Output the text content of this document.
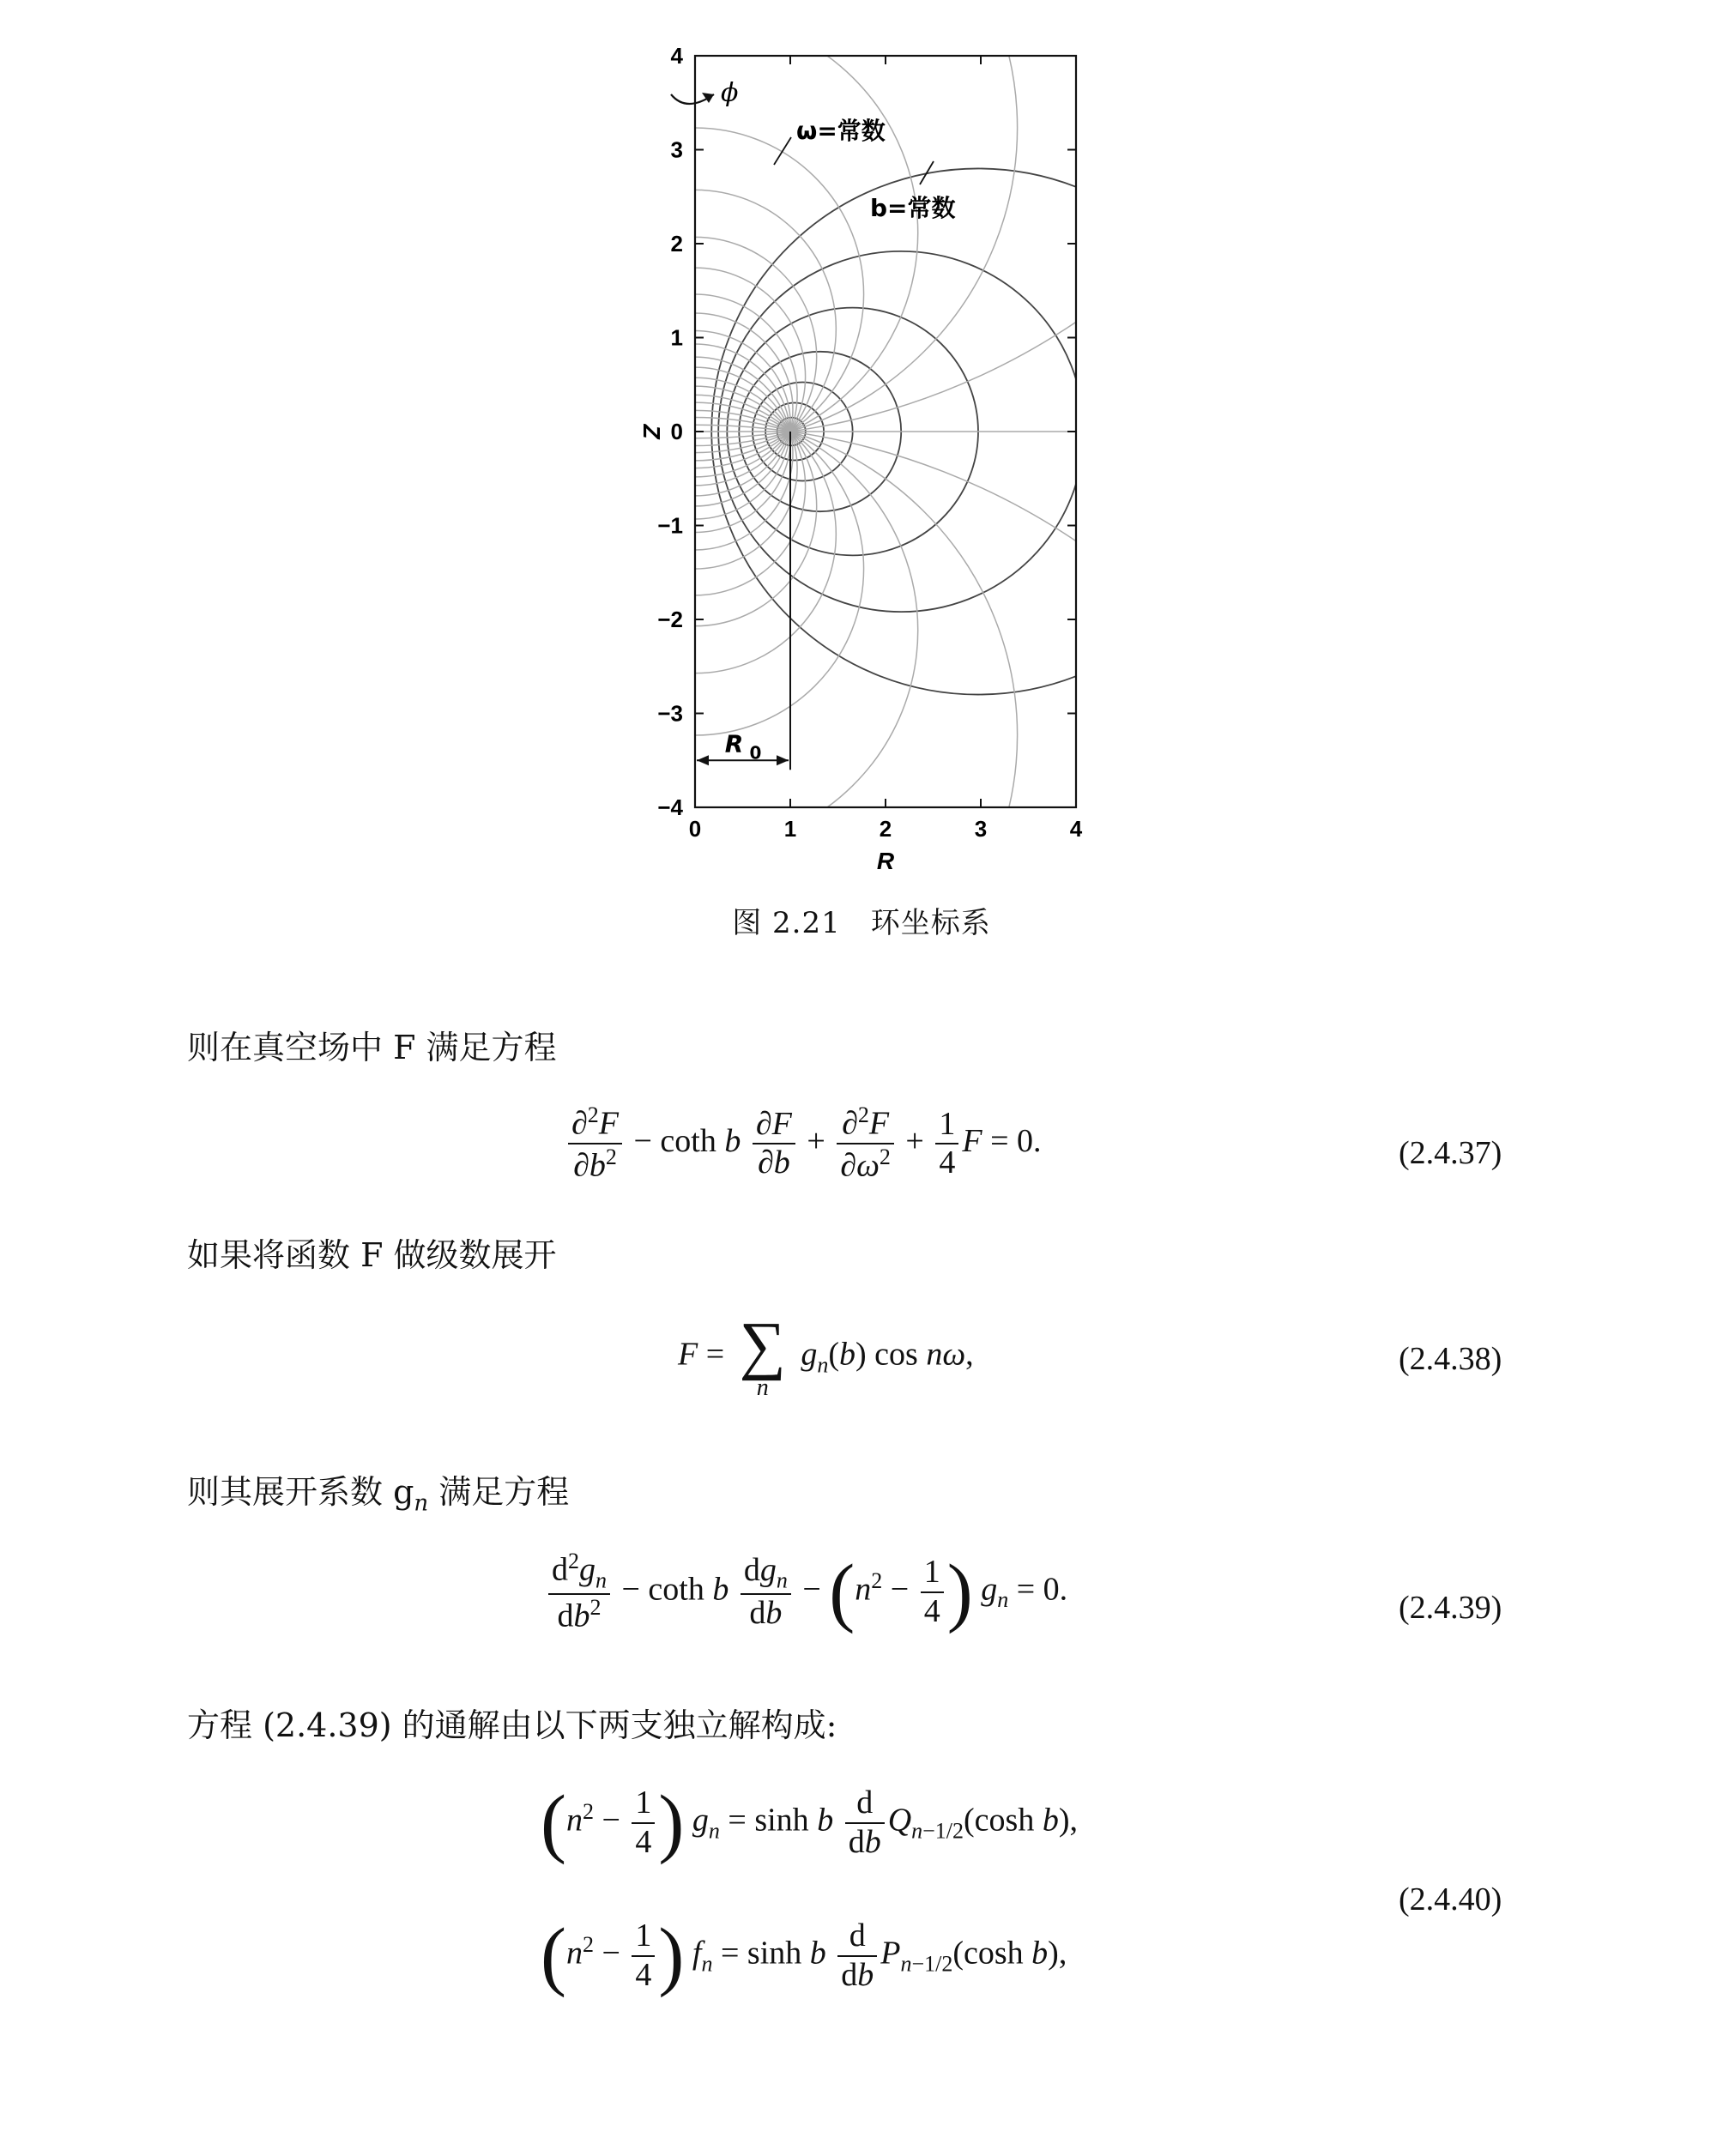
0	1	2	3	4
4
3
2
1
0
−1
−2
−3
−4
R
Z
ϕ
ω=常数
b=常数
R 0
图 2.21　环坐标系
则在真空场中 F 满足方程
$\frac{\partial^2F}{\partial b^2} - \cot h$ b $\frac{\partial F}{\partial b} + \frac{\partial^2F}{\partial\omega^2} + \frac{1}{4}$ F = 0.	(2.4.37)
如果将函数 F 做级数展开
F = ∑
n
$g_n(b)$ cos nω,	(2.4.38)
则其展开系数 $g_n$ 满足方程
$\frac{d^2g_n}{db^2} - \cot h$ b $\frac{dg_n}{db} - (n^2 - \frac{1}{4}$ ) $g_n = 0$.
(2.4.39)
方程 (2.4.39) 的通解由以下两支独立解构成:
($n^2 - \frac{1}{4}$ ) $g_n = \sinh b \frac{d}{db} Q_{n-1/2}(\cosh$ b),
($n^2 - \frac{1}{4}$ ) $f_n = \sinh b \frac{d}{db} P_{n-1/2}(\cosh$ b),
(2.4.40)
